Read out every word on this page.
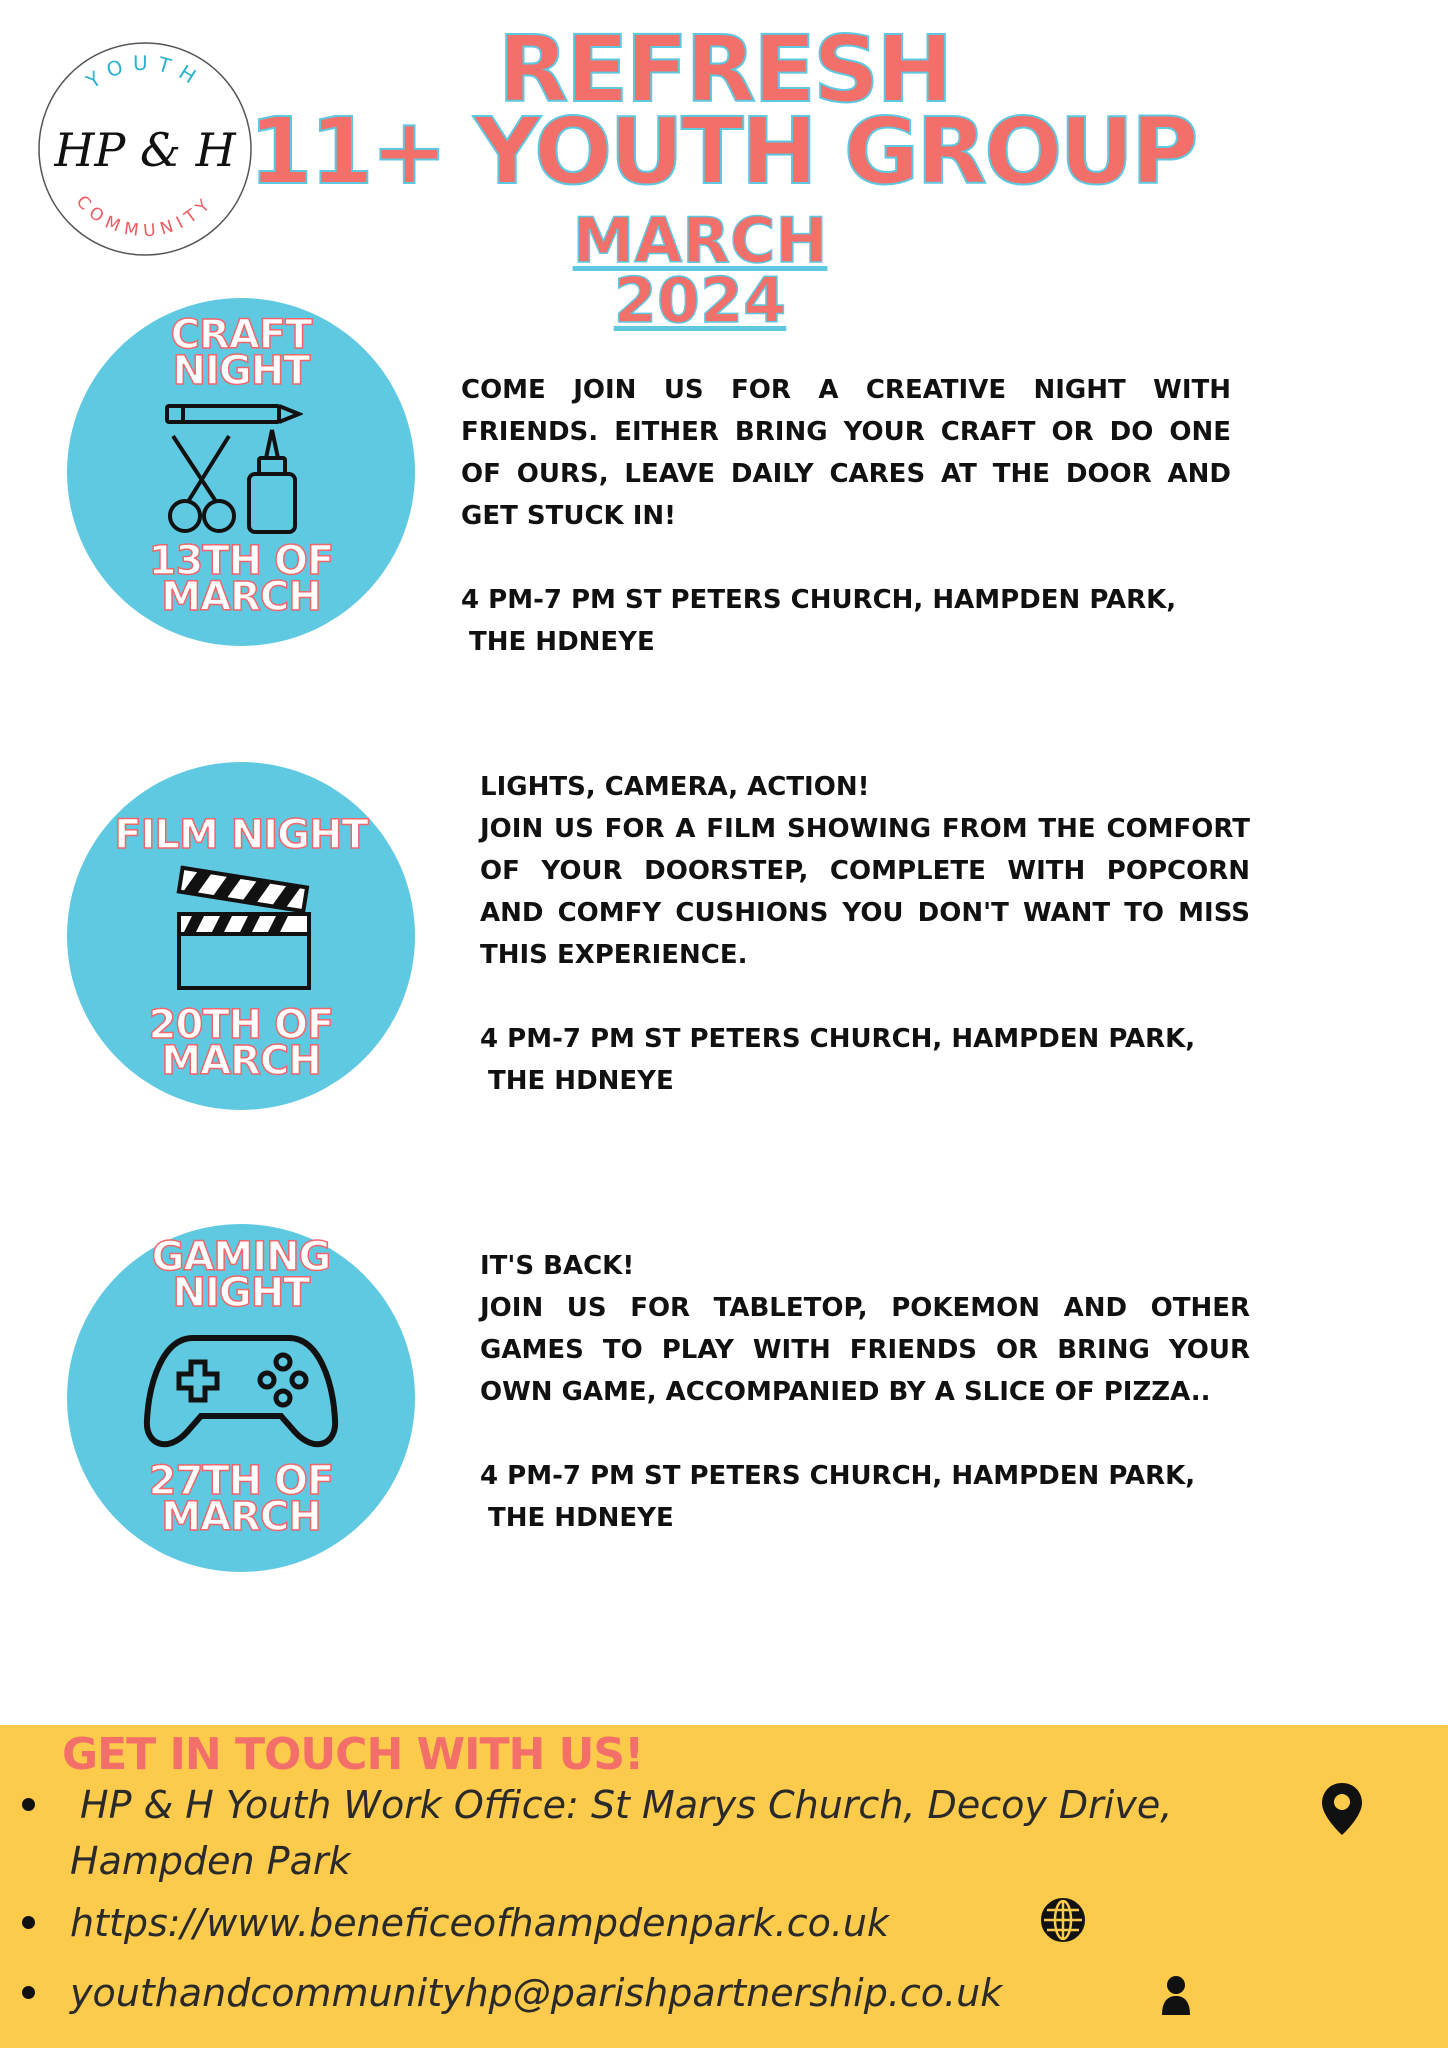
YOUTH
HP & H
COMMUNITY
REFRESH
11+ YOUTH GROUP
MARCH
2024

CRAFT

NIGHT

13TH OF

MARCH

COME JOIN US FOR A CREATIVE NIGHT WITH FRIENDS. EITHER BRING YOUR CRAFT OR DO ONE OF OURS, LEAVE DAILY CARES AT THE DOOR AND GET STUCK IN!

4 PM-7 PM ST PETERS CHURCH, HAMPDEN PARK,

THE HDNEYE

FILM NIGHT

20TH OF

MARCH

LIGHTS, CAMERA, ACTION!

JOIN US FOR A FILM SHOWING FROM THE COMFORT OF YOUR DOORSTEP, COMPLETE WITH POPCORN AND COMFY CUSHIONS YOU DON'T WANT TO MISS THIS EXPERIENCE.

4 PM-7 PM ST PETERS CHURCH, HAMPDEN PARK,

THE HDNEYE

GAMING

NIGHT

27TH OF

MARCH

IT'S BACK!

JOIN US FOR TABLETOP, POKEMON AND OTHER GAMES TO PLAY WITH FRIENDS OR BRING YOUR OWN GAME, ACCOMPANIED BY A SLICE OF PIZZA..

4 PM-7 PM ST PETERS CHURCH, HAMPDEN PARK,

THE HDNEYE

GET IN TOUCH WITH US!
HP & H Youth Work Office: St Marys Church, Decoy Drive,
Hampden Park
https://www.beneficeofhampdenpark.co.uk
youthandcommunityhp@parishpartnership.co.uk
